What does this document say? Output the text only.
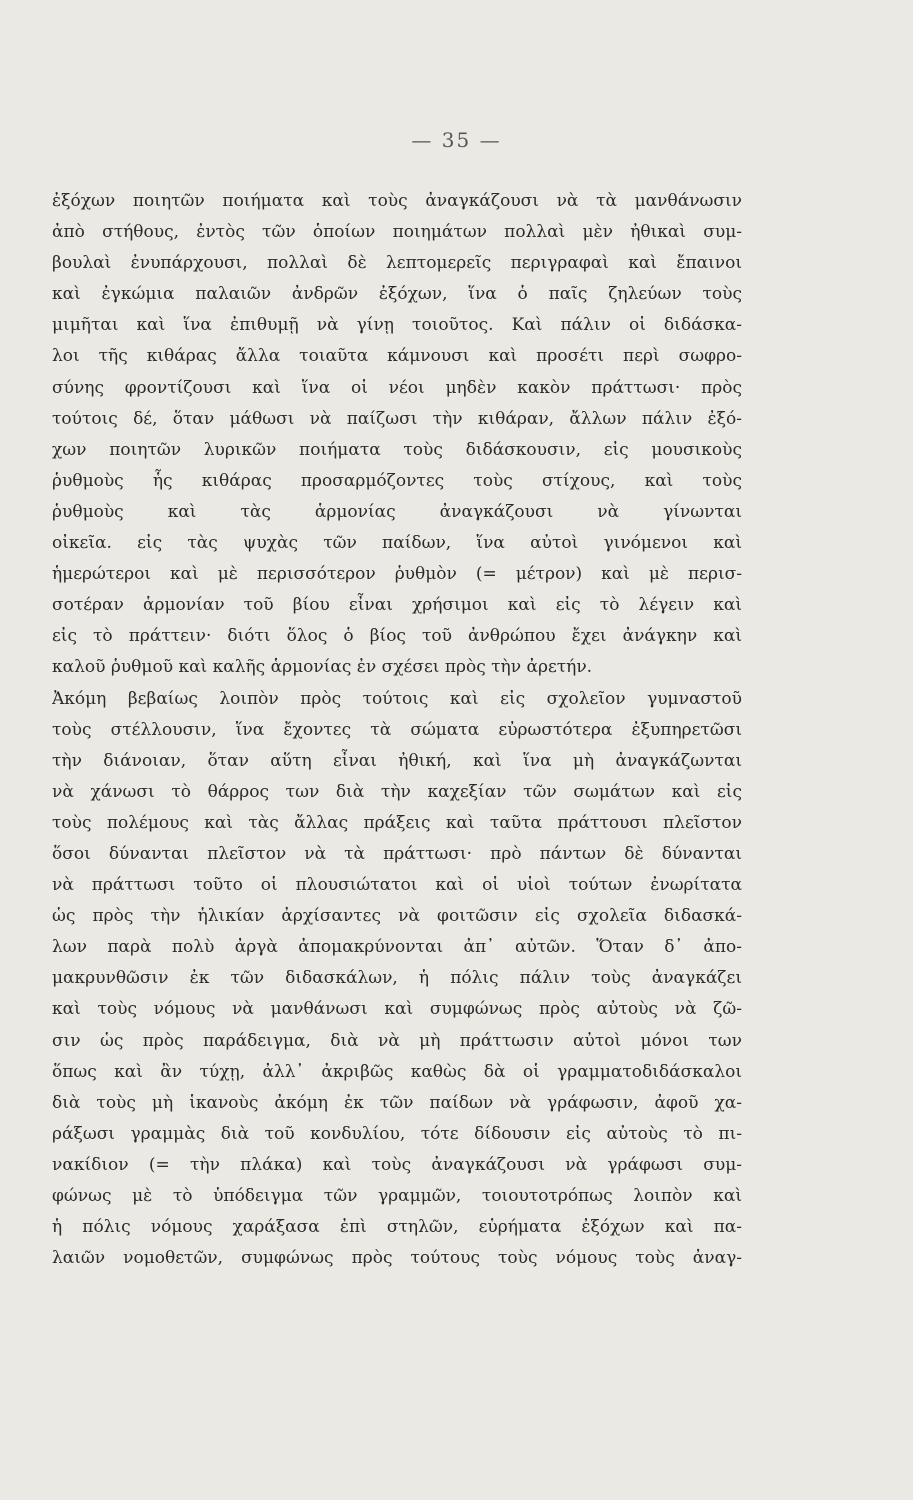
— 35 —
ἐξόχων ποιητῶν ποιήματα καὶ τοὺς ἀναγκάζουσι νὰ τὰ μανθάνωσιν
ἀπὸ στήθους, ἐντὸς τῶν ὁποίων ποιημάτων πολλαὶ μὲν ἠθικαὶ συμ-
βουλαὶ ἐνυπάρχουσι, πολλαὶ δὲ λεπτομερεῖς περιγραφαὶ καὶ ἔπαινοι
καὶ ἐγκώμια παλαιῶν ἀνδρῶν ἐξόχων, ἵνα ὁ παῖς ζηλεύων τοὺς
μιμῆται καὶ ἵνα ἐπιθυμῇ νὰ γίνῃ τοιοῦτος. Καὶ πάλιν οἱ διδάσκα-
λοι τῆς κιθάρας ἄλλα τοιαῦτα κάμνουσι καὶ προσέτι περὶ σωφρο-
σύνης φροντίζουσι καὶ ἵνα οἱ νέοι μηδὲν κακὸν πράττωσι· πρὸς
τούτοις δέ, ὅταν μάθωσι νὰ παίζωσι τὴν κιθάραν, ἄλλων πάλιν ἐξό-
χων ποιητῶν λυρικῶν ποιήματα τοὺς διδάσκουσιν, εἰς μουσικοὺς
ῥυθμοὺς ἧς κιθάρας προσαρμόζοντες τοὺς στίχους, καὶ τοὺς
ῥυθμοὺς καὶ τὰς ἁρμονίας ἀναγκάζουσι νὰ γίνωνται
οἰκεῖα. εἰς τὰς ψυχὰς τῶν παίδων, ἵνα αὐτοὶ γινόμενοι καὶ
ἡμερώτεροι καὶ μὲ περισσότερον ῥυθμὸν (= μέτρον) καὶ μὲ περισ-
σοτέραν ἁρμονίαν τοῦ βίου εἶναι χρήσιμοι καὶ εἰς τὸ λέγειν καὶ
εἰς τὸ πράττειν· διότι ὅλος ὁ βίος τοῦ ἀνθρώπου ἔχει ἀνάγκην καὶ
καλοῦ ῥυθμοῦ καὶ καλῆς ἁρμονίας ἐν σχέσει πρὸς τὴν ἀρετήν.
Ἀκόμη βεβαίως λοιπὸν πρὸς τούτοις καὶ εἰς σχολεῖον γυμναστοῦ
τοὺς στέλλουσιν, ἵνα ἔχοντες τὰ σώματα εὐρωστότερα ἐξυπηρετῶσι
τὴν διάνοιαν, ὅταν αὕτη εἶναι ἠθική, καὶ ἵνα μὴ ἀναγκάζωνται
νὰ χάνωσι τὸ θάρρος των διὰ τὴν καχεξίαν τῶν σωμάτων καὶ εἰς
τοὺς πολέμους καὶ τὰς ἄλλας πράξεις καὶ ταῦτα πράττουσι πλεῖστον
ὅσοι δύνανται πλεῖστον νὰ τὰ πράττωσι· πρὸ πάντων δὲ δύνανται
νὰ πράττωσι τοῦτο οἱ πλουσιώτατοι καὶ οἱ υἱοὶ τούτων ἐνωρίτατα
ὡς πρὸς τὴν ἡλικίαν ἀρχίσαντες νὰ φοιτῶσιν εἰς σχολεῖα διδασκά-
λων παρὰ πολὺ ἀργὰ ἀπομακρύνονται ἀπ᾽ αὐτῶν. Ὅταν δ᾽ ἀπο-
μακρυνθῶσιν ἐκ τῶν διδασκάλων, ἡ πόλις πάλιν τοὺς ἀναγκάζει
καὶ τοὺς νόμους νὰ μανθάνωσι καὶ συμφώνως πρὸς αὐτοὺς νὰ ζῶ-
σιν ὡς πρὸς παράδειγμα, διὰ νὰ μὴ πράττωσιν αὐτοὶ μόνοι των
ὅπως καὶ ἂν τύχῃ, ἀλλ᾽ ἀκριβῶς καθὼς δὰ οἱ γραμματοδιδάσκαλοι
διὰ τοὺς μὴ ἱκανοὺς ἀκόμη ἐκ τῶν παίδων νὰ γράφωσιν, ἀφοῦ χα-
ράξωσι γραμμὰς διὰ τοῦ κονδυλίου, τότε δίδουσιν εἰς αὐτοὺς τὸ πι-
νακίδιον (= τὴν πλάκα) καὶ τοὺς ἀναγκάζουσι νὰ γράφωσι συμ-
φώνως μὲ τὸ ὑπόδειγμα τῶν γραμμῶν, τοιουτοτρόπως λοιπὸν καὶ
ἡ πόλις νόμους χαράξασα ἐπὶ στηλῶν, εὑρήματα ἐξόχων καὶ πα-
λαιῶν νομοθετῶν, συμφώνως πρὸς τούτους τοὺς νόμους τοὺς ἀναγ-
